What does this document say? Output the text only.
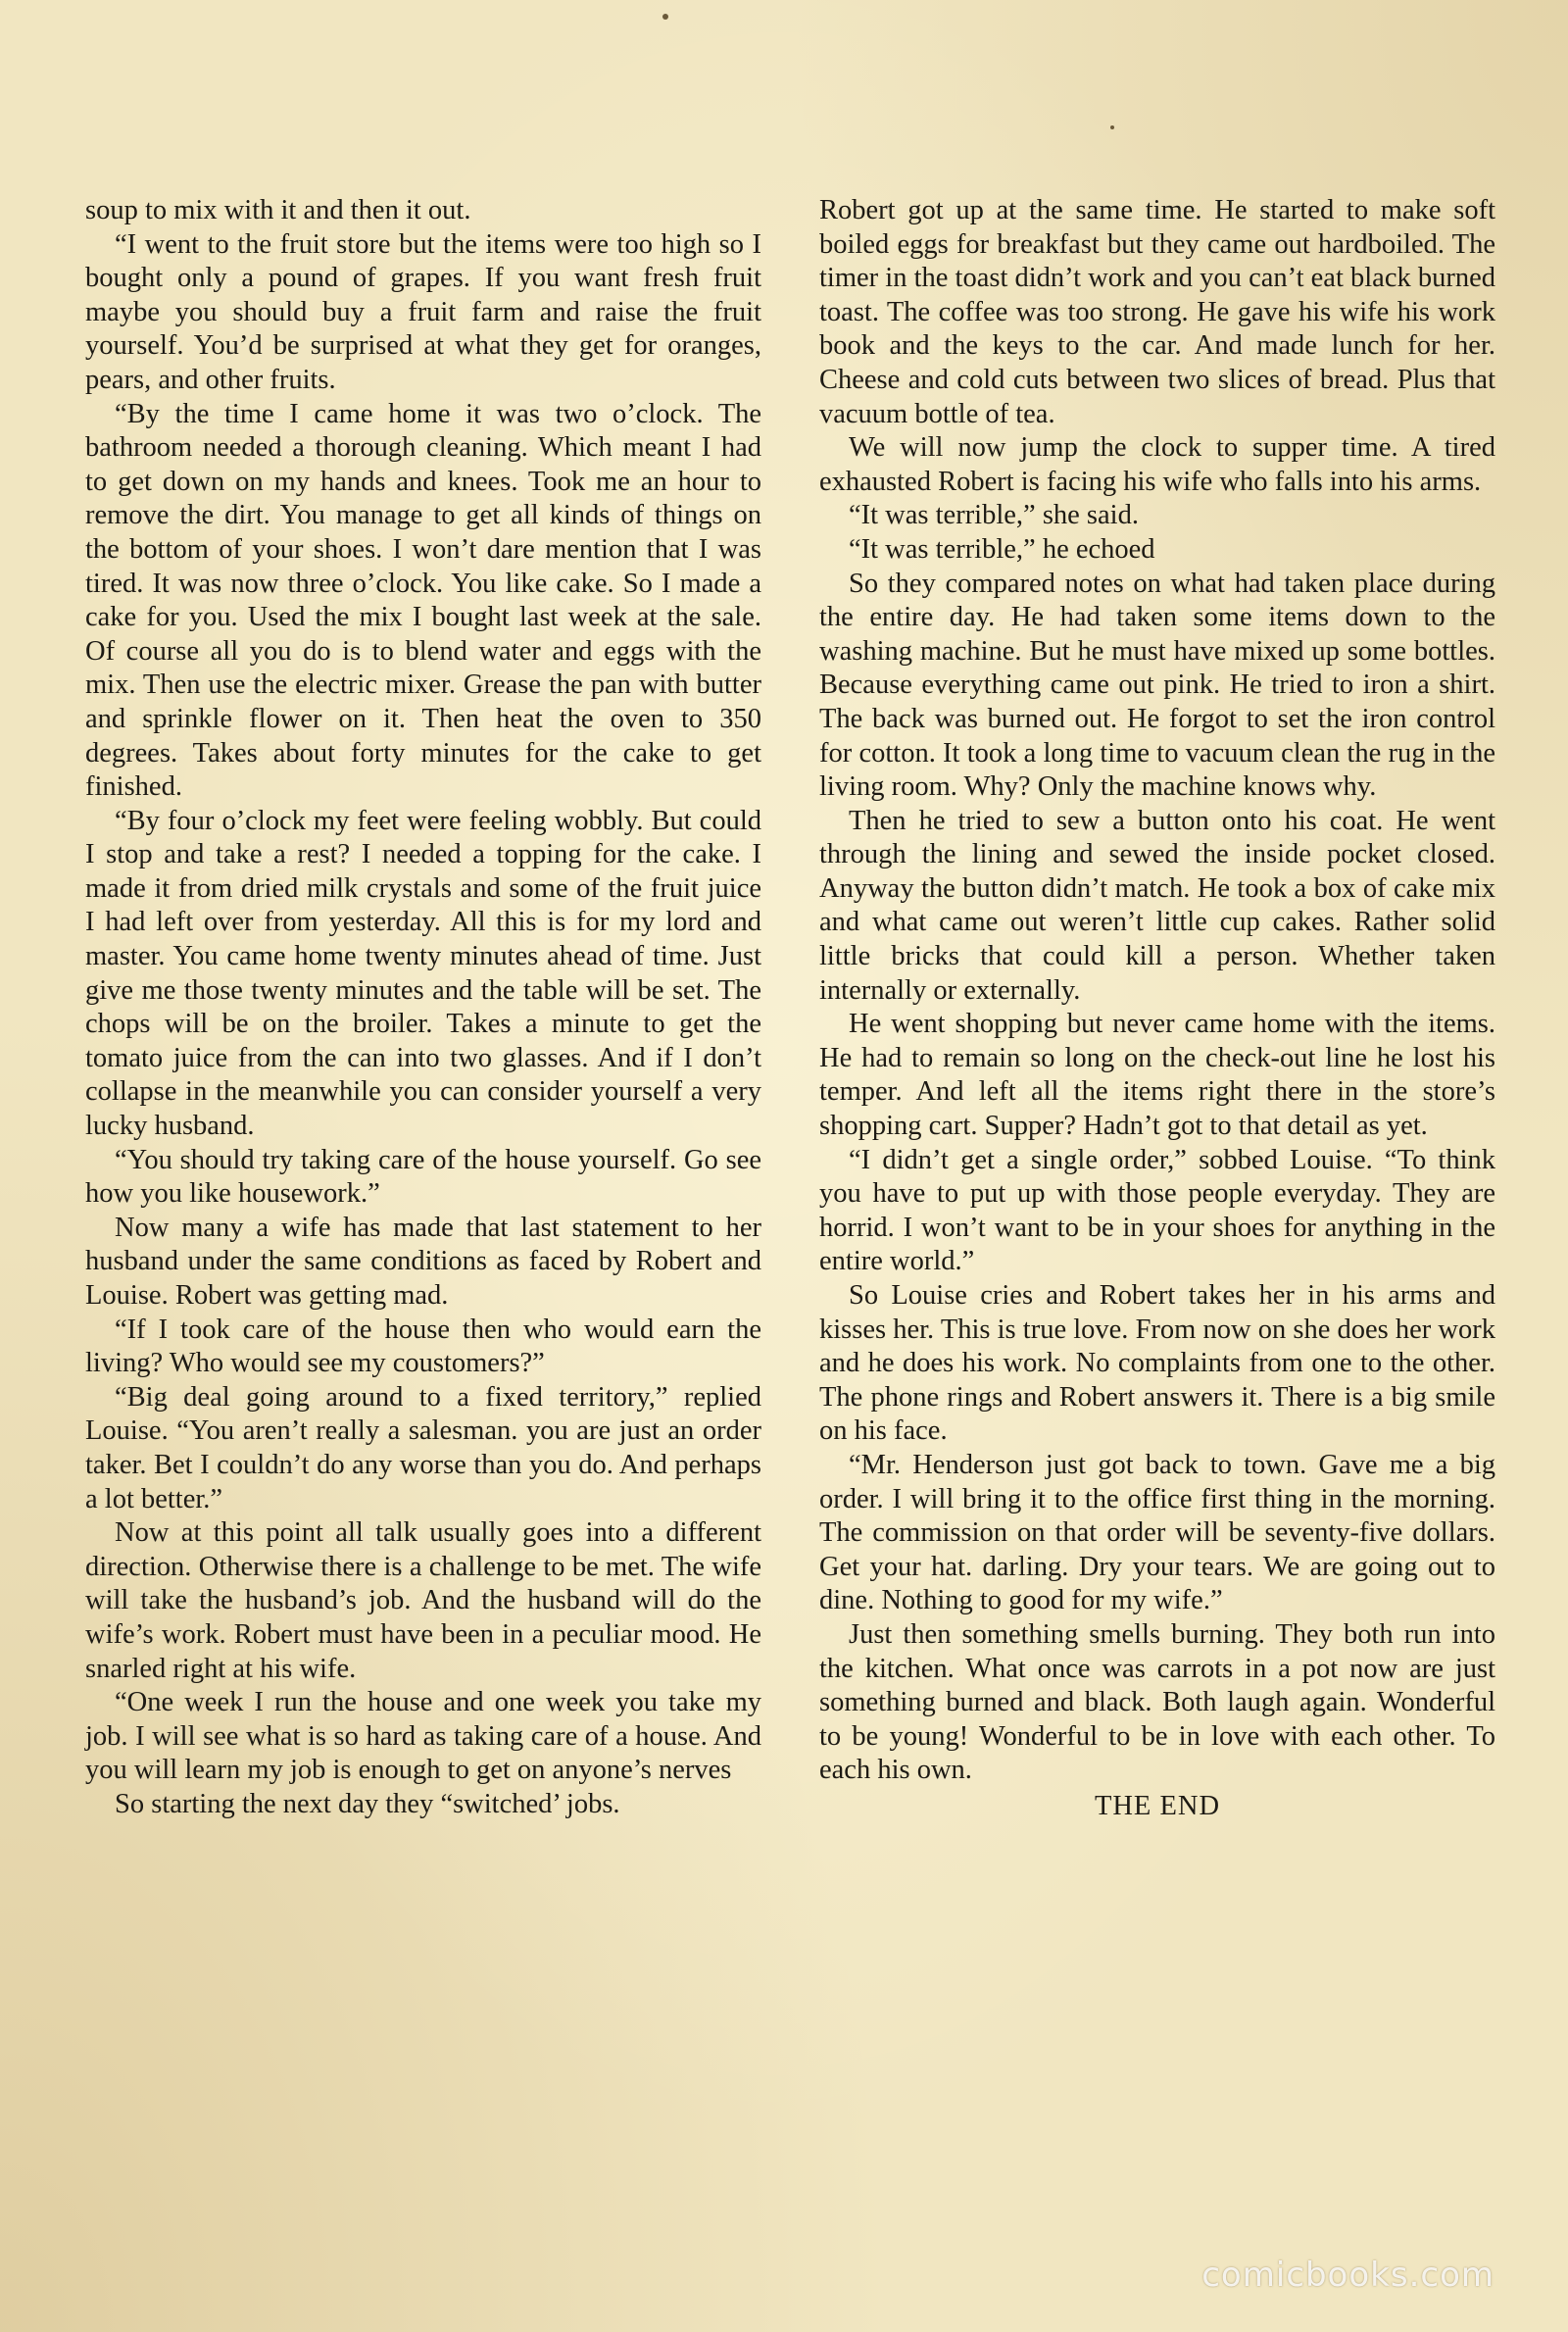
soup to mix with it and then it out.

“I went to the fruit store but the items were too high so I bought only a pound of grapes. If you want fresh fruit maybe you should buy a fruit farm and raise the fruit yourself. You’d be surprised at what they get for oranges, pears, and other fruits.

“By the time I came home it was two o’clock. The bathroom needed a thorough cleaning. Which meant I had to get down on my hands and knees. Took me an hour to remove the dirt. You manage to get all kinds of things on the bottom of your shoes. I won’t dare mention that I was tired. It was now three o’clock. You like cake. So I made a cake for you. Used the mix I bought last week at the sale. Of course all you do is to blend water and eggs with the mix. Then use the electric mixer. Grease the pan with butter and sprinkle flower on it. Then heat the oven to 350 degrees. Takes about forty minutes for the cake to get finished.

“By four o’clock my feet were feeling wobbly. But could I stop and take a rest? I needed a topping for the cake. I made it from dried milk crystals and some of the fruit juice I had left over from yesterday. All this is for my lord and master. You came home twenty minutes ahead of time. Just give me those twenty minutes and the table will be set. The chops will be on the broiler. Takes a minute to get the tomato juice from the can into two glasses. And if I don’t collapse in the meanwhile you can consider yourself a very lucky husband.

“You should try taking care of the house yourself. Go see how you like housework.”

Now many a wife has made that last statement to her husband under the same conditions as faced by Robert and Louise. Robert was getting mad.

“If I took care of the house then who would earn the living? Who would see my coustomers?”

“Big deal going around to a fixed territory,” replied Louise. “You aren’t really a salesman. you are just an order taker. Bet I couldn’t do any worse than you do. And perhaps a lot better.”

Now at this point all talk usually goes into a different direction. Otherwise there is a challenge to be met. The wife will take the husband’s job. And the husband will do the wife’s work. Robert must have been in a peculiar mood. He snarled right at his wife.

“One week I run the house and one week you take my job. I will see what is so hard as taking care of a house. And you will learn my job is enough to get on anyone’s nerves

So starting the next day they “switched’ jobs.

Robert got up at the same time. He started to make soft boiled eggs for breakfast but they came out hardboiled. The timer in the toast didn’t work and you can’t eat black burned toast. The coffee was too strong. He gave his wife his work book and the keys to the car. And made lunch for her. Cheese and cold cuts between two slices of bread. Plus that vacuum bottle of tea.

We will now jump the clock to supper time. A tired exhausted Robert is facing his wife who falls into his arms.

“It was terrible,” she said.

“It was terrible,” he echoed

So they compared notes on what had taken place during the entire day. He had taken some items down to the washing machine. But he must have mixed up some bottles. Because everything came out pink. He tried to iron a shirt. The back was burned out. He forgot to set the iron control for cotton. It took a long time to vacuum clean the rug in the living room. Why? Only the machine knows why.

Then he tried to sew a button onto his coat. He went through the lining and sewed the inside pocket closed. Anyway the button didn’t match. He took a box of cake mix and what came out weren’t little cup cakes. Rather solid little bricks that could kill a person. Whether taken internally or externally.

He went shopping but never came home with the items. He had to remain so long on the check-out line he lost his temper. And left all the items right there in the store’s shopping cart. Supper? Hadn’t got to that detail as yet.

“I didn’t get a single order,” sobbed Louise. “To think you have to put up with those people everyday. They are horrid. I won’t want to be in your shoes for anything in the entire world.”

So Louise cries and Robert takes her in his arms and kisses her. This is true love. From now on she does her work and he does his work. No complaints from one to the other. The phone rings and Robert answers it. There is a big smile on his face.

“Mr. Henderson just got back to town. Gave me a big order. I will bring it to the office first thing in the morning. The commission on that order will be seventy-five dollars. Get your hat. darling. Dry your tears. We are going out to dine. Nothing to good for my wife.”

Just then something smells burning. They both run into the kitchen. What once was carrots in a pot now are just something burned and black. Both laugh again. Wonderful to be young! Wonderful to be in love with each other. To each his own.

THE END

comicbooks.com
